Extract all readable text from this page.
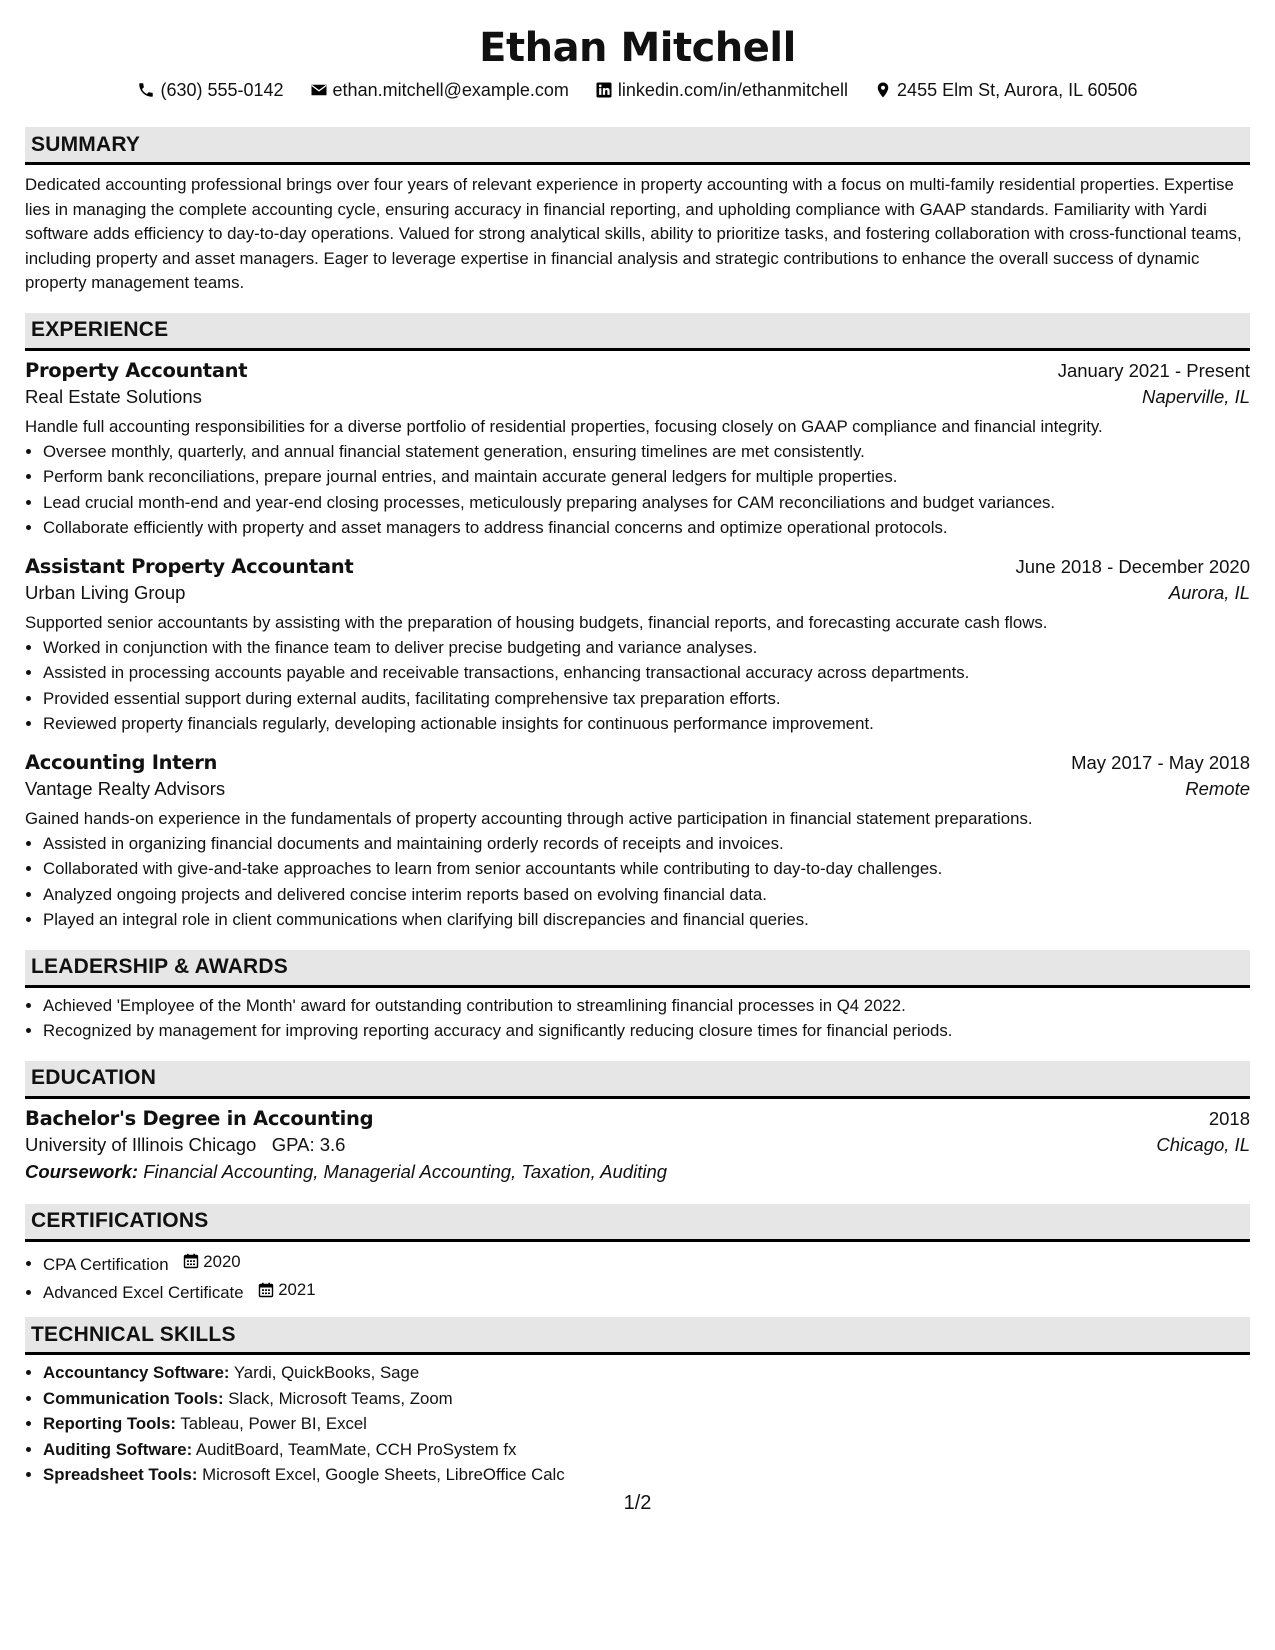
Ethan Mitchell
(630) 555-0142	ethan.mitchell@example.com	linkedin.com/in/ethanmitchell	2455 Elm St, Aurora, IL 60506
SUMMARY
Dedicated accounting professional brings over four years of relevant experience in property accounting with a focus on multi-family residential properties. Expertise lies in managing the complete accounting cycle, ensuring accuracy in financial reporting, and upholding compliance with GAAP standards. Familiarity with Yardi software adds efficiency to day-to-day operations. Valued for strong analytical skills, ability to prioritize tasks, and fostering collaboration with cross-functional teams, including property and asset managers. Eager to leverage expertise in financial analysis and strategic contributions to enhance the overall success of dynamic property management teams.
EXPERIENCE
Property Accountant	January 2021 - Present
Real Estate Solutions	Naperville, IL
Handle full accounting responsibilities for a diverse portfolio of residential properties, focusing closely on GAAP compliance and financial integrity.
• Oversee monthly, quarterly, and annual financial statement generation, ensuring timelines are met consistently.
• Perform bank reconciliations, prepare journal entries, and maintain accurate general ledgers for multiple properties.
• Lead crucial month-end and year-end closing processes, meticulously preparing analyses for CAM reconciliations and budget variances.
• Collaborate efficiently with property and asset managers to address financial concerns and optimize operational protocols.
Assistant Property Accountant	June 2018 - December 2020
Urban Living Group	Aurora, IL
Supported senior accountants by assisting with the preparation of housing budgets, financial reports, and forecasting accurate cash flows.
• Worked in conjunction with the finance team to deliver precise budgeting and variance analyses.
• Assisted in processing accounts payable and receivable transactions, enhancing transactional accuracy across departments.
• Provided essential support during external audits, facilitating comprehensive tax preparation efforts.
• Reviewed property financials regularly, developing actionable insights for continuous performance improvement.
Accounting Intern	May 2017 - May 2018
Vantage Realty Advisors	Remote
Gained hands-on experience in the fundamentals of property accounting through active participation in financial statement preparations.
• Assisted in organizing financial documents and maintaining orderly records of receipts and invoices.
• Collaborated with give-and-take approaches to learn from senior accountants while contributing to day-to-day challenges.
• Analyzed ongoing projects and delivered concise interim reports based on evolving financial data.
• Played an integral role in client communications when clarifying bill discrepancies and financial queries.
LEADERSHIP & AWARDS
• Achieved 'Employee of the Month' award for outstanding contribution to streamlining financial processes in Q4 2022.
• Recognized by management for improving reporting accuracy and significantly reducing closure times for financial periods.
EDUCATION
Bachelor's Degree in Accounting	2018
University of Illinois Chicago GPA: 3.6	Chicago, IL
Coursework: Financial Accounting, Managerial Accounting, Taxation, Auditing
CERTIFICATIONS
• CPA Certification 2020
• Advanced Excel Certificate 2021
TECHNICAL SKILLS
• Accountancy Software: Yardi, QuickBooks, Sage
• Communication Tools: Slack, Microsoft Teams, Zoom
• Reporting Tools: Tableau, Power BI, Excel
• Auditing Software: AuditBoard, TeamMate, CCH ProSystem fx
• Spreadsheet Tools: Microsoft Excel, Google Sheets, LibreOffice Calc
1/2
